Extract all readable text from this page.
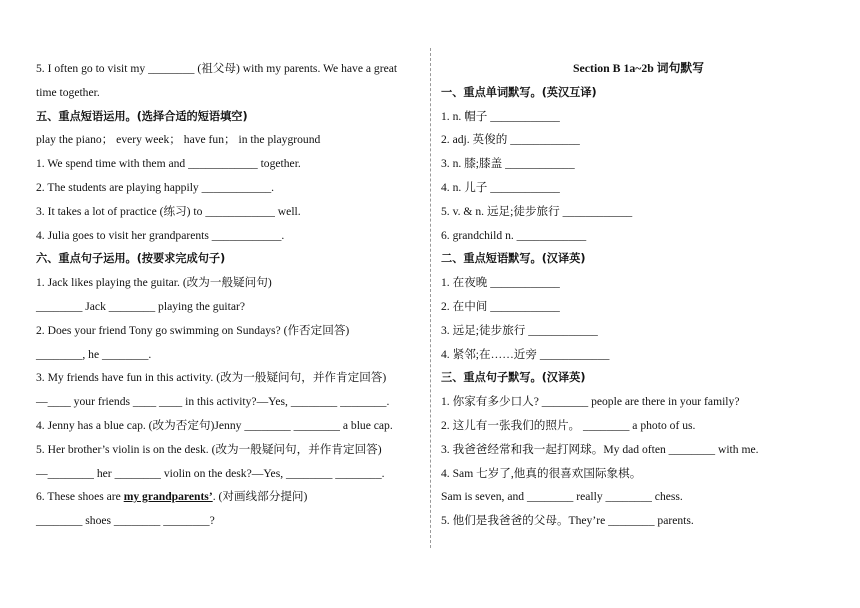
5. I often go to visit my ________ (祖父母) with my parents. We have a great
time together.
五、重点短语运用。(选择合适的短语填空)
play the piano； every week； have fun； in the playground
1. We spend time with them and ____________ together.
2. The students are playing happily ____________.
3. It takes a lot of practice (练习) to ____________ well.
4. Julia goes to visit her grandparents ____________.
六、重点句子运用。(按要求完成句子)
1. Jack likes playing the guitar. (改为一般疑问句)
________ Jack ________ playing the guitar?
2. Does your friend Tony go swimming on Sundays? (作否定回答)
________, he ________.
3. My friends have fun in this activity. (改为一般疑问句，并作肯定回答)
—____ your friends ____ ____ in this activity?—Yes, ________ ________.
4. Jenny has a blue cap. (改为否定句)Jenny ________ ________ a blue cap.
5. Her brother’s violin is on the desk. (改为一般疑问句，并作肯定回答)
—________ her ________ violin on the desk?—Yes, ________ ________.
6. These shoes are my grandparents’. (对画线部分提问)
________ shoes ________ ________?
Section B 1a~2b 词句默写
一、重点单词默写。(英汉互译)
1. n. 帽子 ____________
2. adj. 英俊的 ____________
3. n. 膝;膝盖 ____________
4. n. 儿子 ____________
5. v. & n. 远足;徒步旅行 ____________
6. grandchild n. ____________
二、重点短语默写。(汉译英)
1. 在夜晚 ____________
2. 在中间 ____________
3. 远足;徒步旅行 ____________
4. 紧邻;在……近旁 ____________
三、重点句子默写。(汉译英)
1. 你家有多少口人? ________ people are there in your family?
2. 这儿有一张我们的照片。 ________ a photo of us.
3. 我爸爸经常和我一起打网球。My dad often ________ with me.
4. Sam 七岁了,他真的很喜欢国际象棋。
Sam is seven, and ________ really ________ chess.
5. 他们是我爸爸的父母。They’re ________ parents.
